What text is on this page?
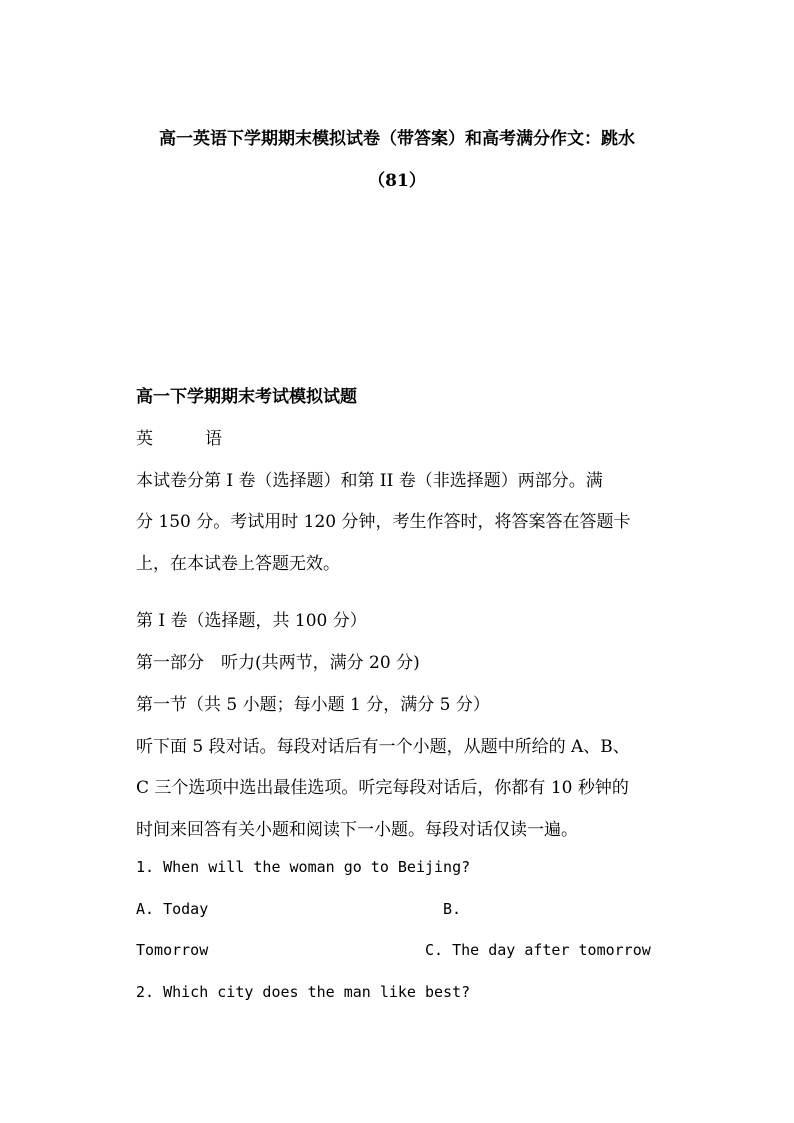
高一英语下学期期末模拟试卷（带答案）和高考满分作文：跳水
（81）
高一下学期期末考试模拟试题
英	语
本试卷分第 I 卷（选择题）和第 II 卷（非选择题）两部分。满
分 150 分。考试用时 120 分钟，考生作答时，将答案答在答题卡
上，在本试卷上答题无效。
第 I 卷（选择题，共 100 分）
第一部分　听力(共两节，满分 20 分)
第一节（共 5 小题；每小题 1 分，满分 5 分）
听下面 5 段对话。每段对话后有一个小题，从题中所给的 A、B、
C 三个选项中选出最佳选项。听完每段对话后，你都有 10 秒钟的
时间来回答有关小题和阅读下一小题。每段对话仅读一遍。
1. When will the woman go to Beijing?
A. Today	B.
Tomorrow	C. The day after tomorrow
2. Which city does the man like best?
